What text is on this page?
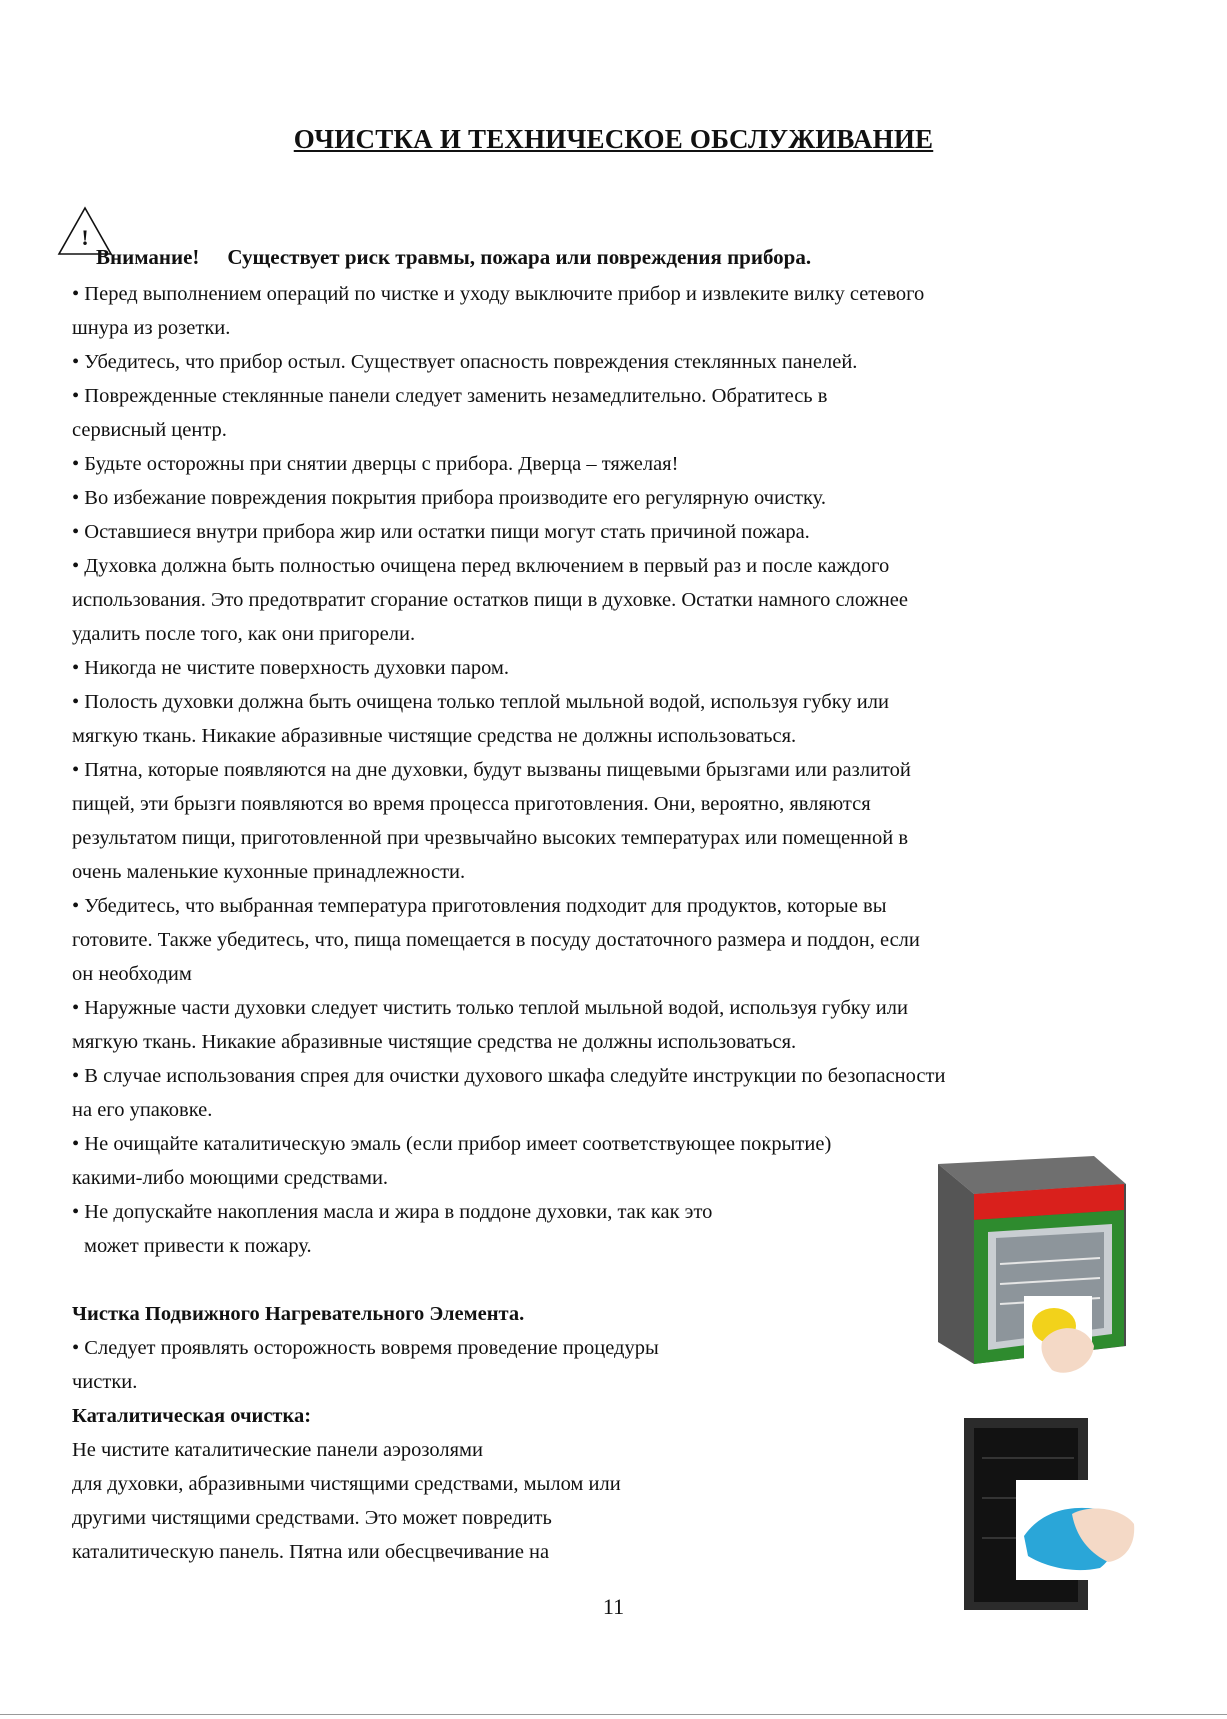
ОЧИСТКА И ТЕХНИЧЕСКОЕ ОБСЛУЖИВАНИЕ
!
Внимание! Существует риск травмы, пожара или повреждения прибора.

• Перед выполнением операций по чистке и уходу выключите прибор и извлеките вилку сетевого

шнура из розетки.

• Убедитесь, что прибор остыл. Существует опасность повреждения стеклянных панелей.

• Поврежденные стеклянные панели следует заменить незамедлительно. Обратитесь в

сервисный центр.

• Будьте осторожны при снятии дверцы с прибора. Дверца – тяжелая!

• Во избежание повреждения покрытия прибора производите его регулярную очистку.

• Оставшиеся внутри прибора жир или остатки пищи могут стать причиной пожара.

• Духовка должна быть полностью очищена перед включением в первый раз и после каждого

использования. Это предотвратит сгорание остатков пищи в духовке. Остатки намного сложнее

удалить после того, как они пригорели.

• Никогда не чистите поверхность духовки паром.

• Полость духовки должна быть очищена только теплой мыльной водой, используя губку или

мягкую ткань. Никакие абразивные чистящие средства не должны использоваться.

• Пятна, которые появляются на дне духовки, будут вызваны пищевыми брызгами или разлитой

пищей, эти брызги появляются во время процесса приготовления. Они, вероятно, являются

результатом пищи, приготовленной при чрезвычайно высоких температурах или помещенной в

очень маленькие кухонные принадлежности.

• Убедитесь, что выбранная температура приготовления подходит для продуктов, которые вы

готовите. Также убедитесь, что, пища помещается в посуду достаточного размера и поддон, если

он необходим

• Наружные части духовки следует чистить только теплой мыльной водой, используя губку или

мягкую ткань. Никакие абразивные чистящие средства не должны использоваться.

• В случае использования спрея для очистки духового шкафа следуйте инструкции по безопасности

на его упаковке.

• Не очищайте каталитическую эмаль (если прибор имеет соответствующее покрытие)

какими-либо моющими средствами.

• Не допускайте накопления масла и жира в поддоне духовки, так как это

может привести к пожару.

Чистка Подвижного Нагревательного Элемента.

• Следует проявлять осторожность вовремя проведение процедуры

чистки.

Каталитическая очистка:

Не чистите каталитические панели аэрозолями

для духовки, абразивными чистящими средствами, мылом или

другими чистящими средствами. Это может повредить

каталитическую панель. Пятна или обесцвечивание на

11
